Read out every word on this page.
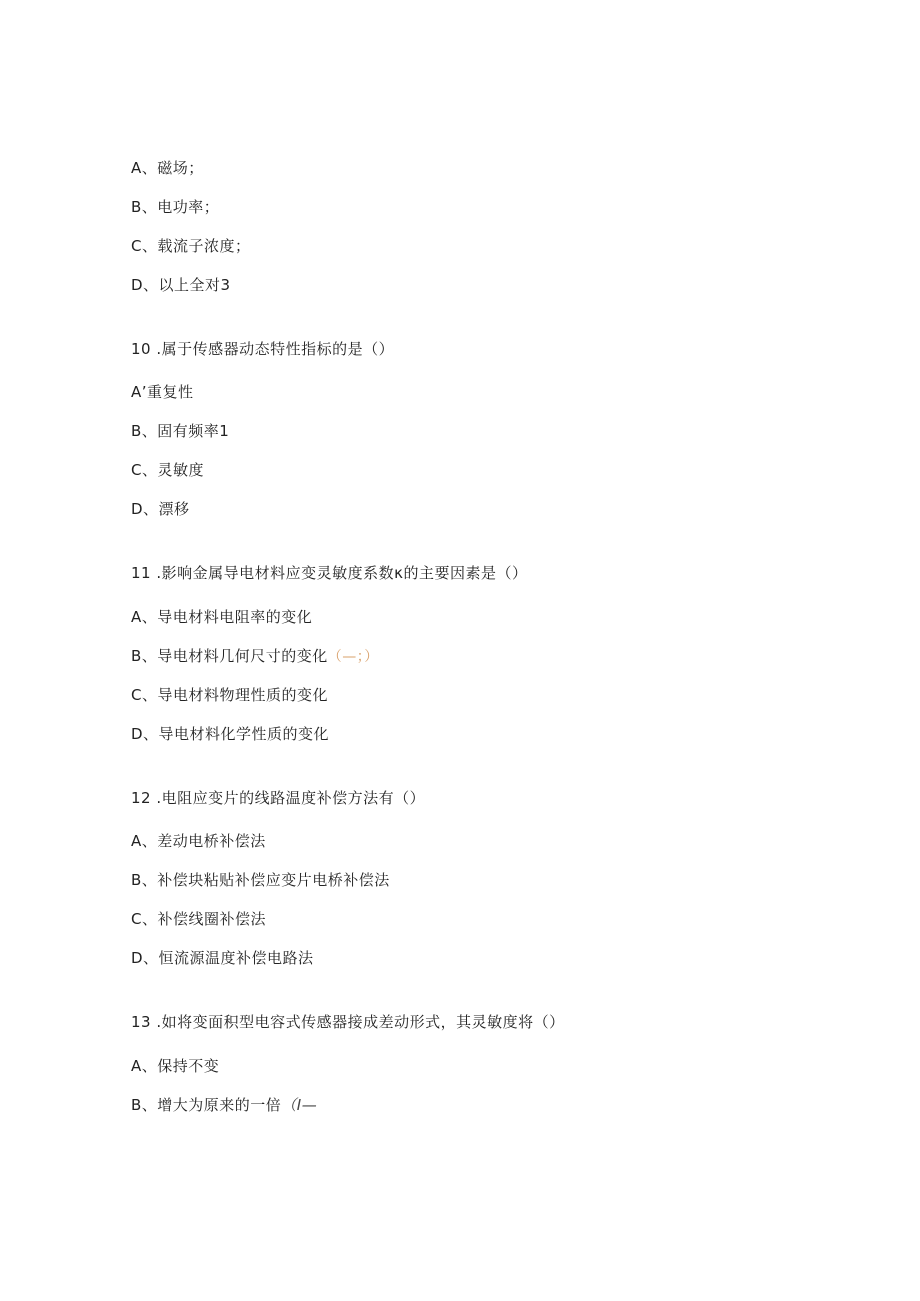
A、磁场；
B、电功率；
C、载流子浓度；
D、以上全对3
10 .属于传感器动态特性指标的是（）
A’重复性
B、固有频率1
C、灵敏度
D、漂移
11 .影响金属导电材料应变灵敏度系数κ的主要因素是（）
A、导电材料电阻率的变化
B、导电材料几何尺寸的变化（—；）
C、导电材料物理性质的变化
D、导电材料化学性质的变化
12 .电阻应变片的线路温度补偿方法有（）
A、差动电桥补偿法
B、补偿块粘贴补偿应变片电桥补偿法
C、补偿线圈补偿法
D、恒流源温度补偿电路法
13 .如将变面积型电容式传感器接成差动形式，其灵敏度将（）
A、保持不变
B、增大为原来的一倍（I—
